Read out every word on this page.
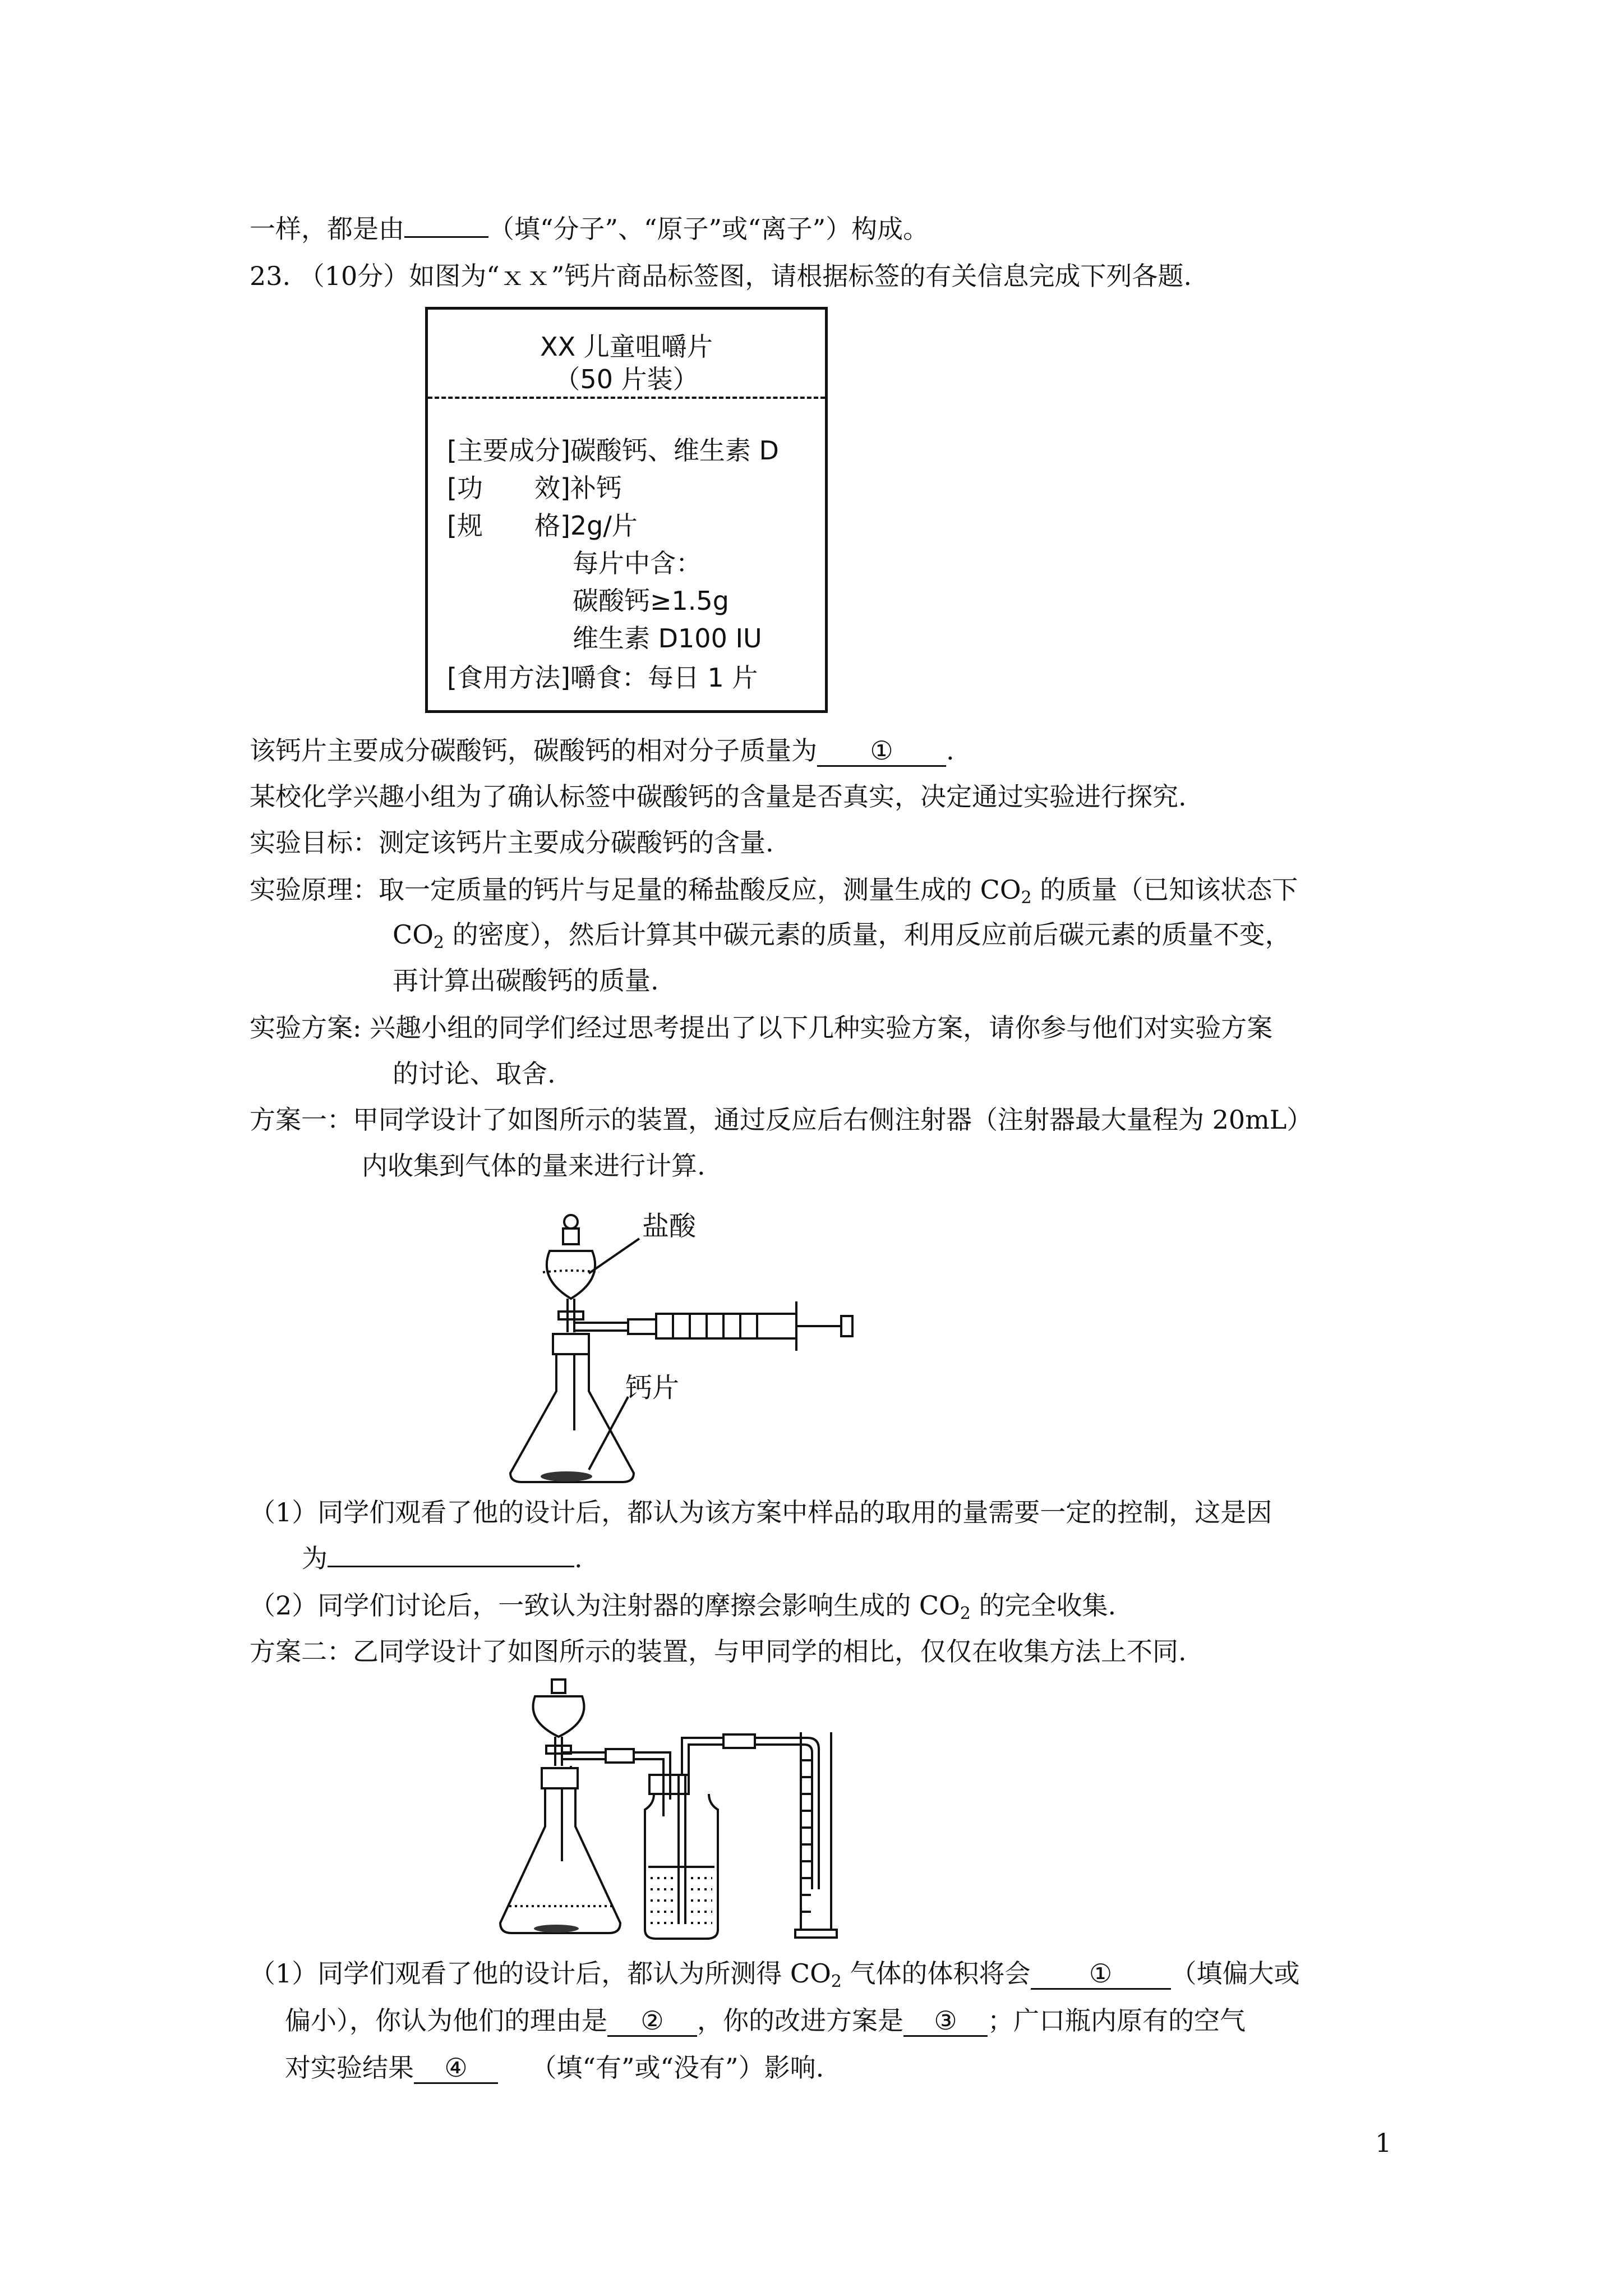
一样，都是由	（填“分子”、“原子”或“离子”）构成。
23. （10分）如图为“ｘｘ”钙片商品标签图，请根据标签的有关信息完成下列各题.
XX 儿童咀嚼片
（50 片装）
[主要成分]碳酸钙、维生素 D
[功　　效]补钙
[规　　格]2g/片
每片中含：
碳酸钙≥1.5g
维生素 D100 IU
[食用方法]嚼食：每日 1 片
该钙片主要成分碳酸钙，碳酸钙的相对分子质量为 ① .
某校化学兴趣小组为了确认标签中碳酸钙的含量是否真实，决定通过实验进行探究.
实验目标：测定该钙片主要成分碳酸钙的含量.
实验原理：取一定质量的钙片与足量的稀盐酸反应，测量生成的 $CO_2$ 的质量（已知该状态下
$CO_2$ 的密度），然后计算其中碳元素的质量，利用反应前后碳元素的质量不变，
再计算出碳酸钙的质量.
实验方案: 兴趣小组的同学们经过思考提出了以下几种实验方案，请你参与他们对实验方案
的讨论、取舍.
方案一：甲同学设计了如图所示的装置，通过反应后右侧注射器（注射器最大量程为 20mL）
内收集到气体的量来进行计算.
盐酸
钙片
（1）同学们观看了他的设计后，都认为该方案中样品的取用的量需要一定的控制，这是因
为	.
（2）同学们讨论后，一致认为注射器的摩擦会影响生成的 $CO_2$ 的完全收集.
方案二：乙同学设计了如图所示的装置，与甲同学的相比，仅仅在收集方法上不同.
（1）同学们观看了他的设计后，都认为所测得 $CO_2$ 气体的体积将会 ① （填偏大或
偏小），你认为他们的理由是 ② ，你的改进方案是 ③ ；广口瓶内原有的空气
对实验结果 ④ （填“有”或“没有”）影响.
1
